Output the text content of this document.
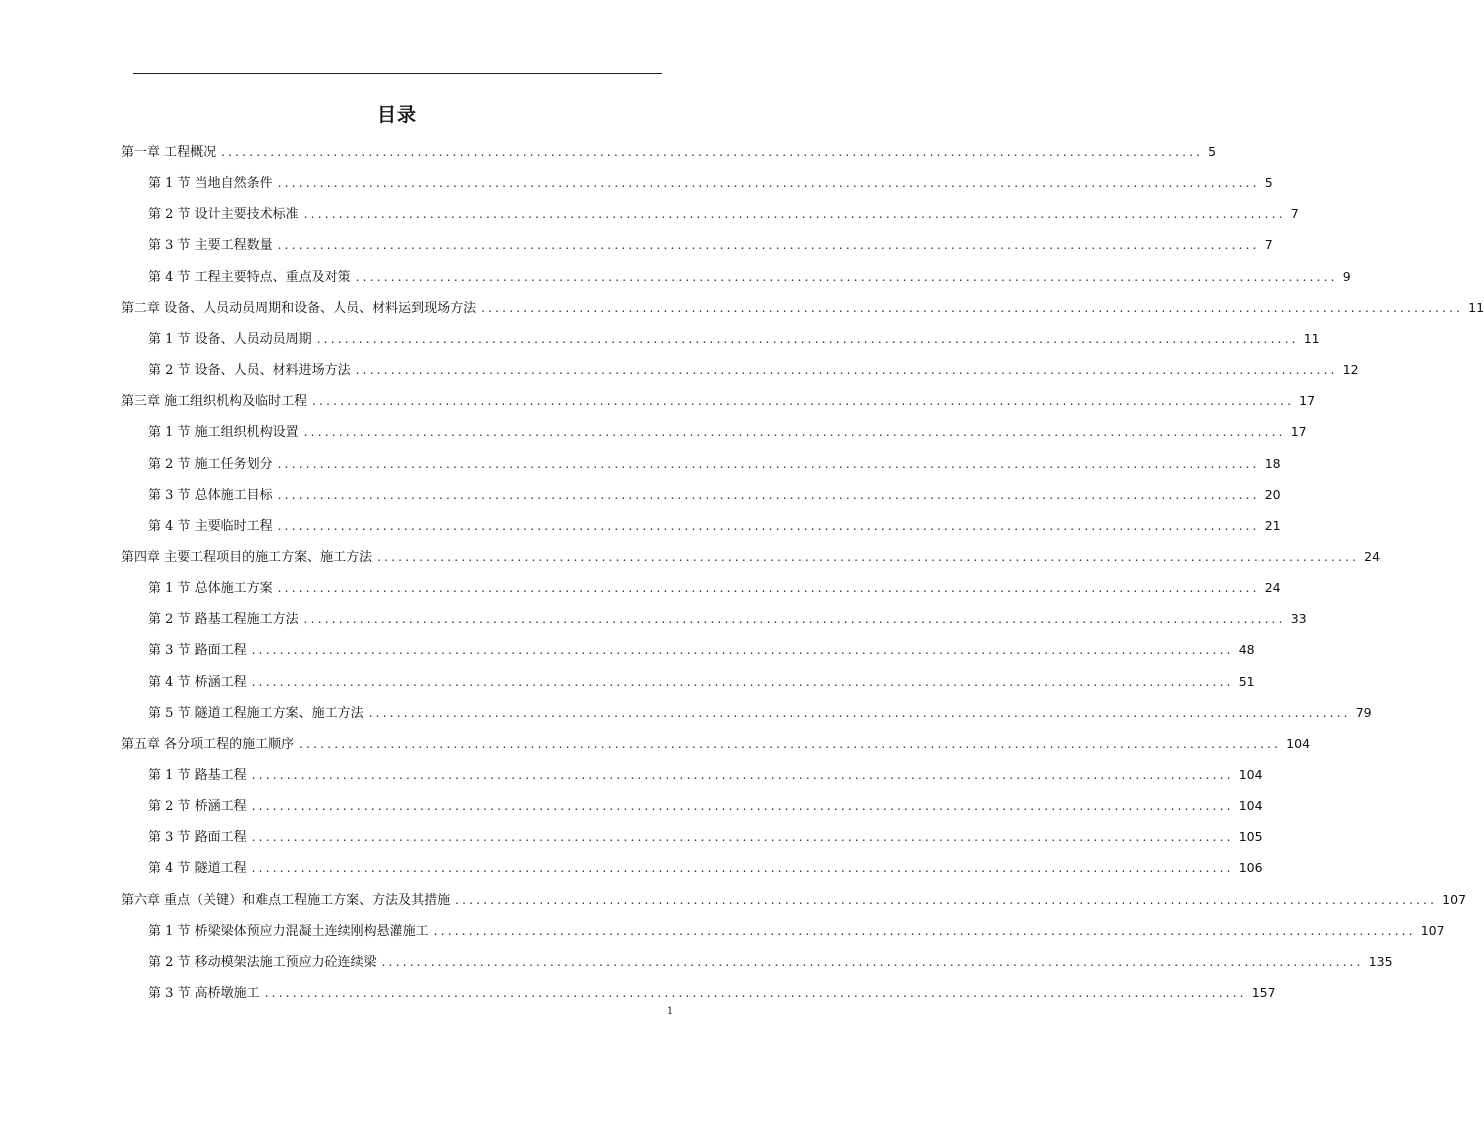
目录
第一章 工程概况 ............................................................................................................................................ 5
第 1 节 当地自然条件 ............................................................................................................................................ 5
第 2 节 设计主要技术标准 ............................................................................................................................................ 7
第 3 节 主要工程数量 ............................................................................................................................................ 7
第 4 节 工程主要特点、重点及对策 ............................................................................................................................................ 9
第二章 设备、人员动员周期和设备、人员、材料运到现场方法 ............................................................................................................................................ 11
第 1 节 设备、人员动员周期 ............................................................................................................................................ 11
第 2 节 设备、人员、材料进场方法 ............................................................................................................................................ 12
第三章 施工组织机构及临时工程 ............................................................................................................................................ 17
第 1 节 施工组织机构设置 ............................................................................................................................................ 17
第 2 节 施工任务划分 ............................................................................................................................................ 18
第 3 节 总体施工目标 ............................................................................................................................................ 20
第 4 节 主要临时工程 ............................................................................................................................................ 21
第四章 主要工程项目的施工方案、施工方法 ............................................................................................................................................ 24
第 1 节 总体施工方案 ............................................................................................................................................ 24
第 2 节 路基工程施工方法 ............................................................................................................................................ 33
第 3 节 路面工程 ............................................................................................................................................ 48
第 4 节 桥涵工程 ............................................................................................................................................ 51
第 5 节 隧道工程施工方案、施工方法 ............................................................................................................................................ 79
第五章 各分项工程的施工顺序 ............................................................................................................................................ 104
第 1 节 路基工程 ............................................................................................................................................ 104
第 2 节 桥涵工程 ............................................................................................................................................ 104
第 3 节 路面工程 ............................................................................................................................................ 105
第 4 节 隧道工程 ............................................................................................................................................ 106
第六章 重点（关键）和难点工程施工方案、方法及其措施 ............................................................................................................................................ 107
第 1 节 桥梁梁体预应力混凝土连续刚构悬灌施工 ............................................................................................................................................ 107
第 2 节 移动模架法施工预应力砼连续梁 ............................................................................................................................................ 135
第 3 节 高桥墩施工 ............................................................................................................................................ 157
1
